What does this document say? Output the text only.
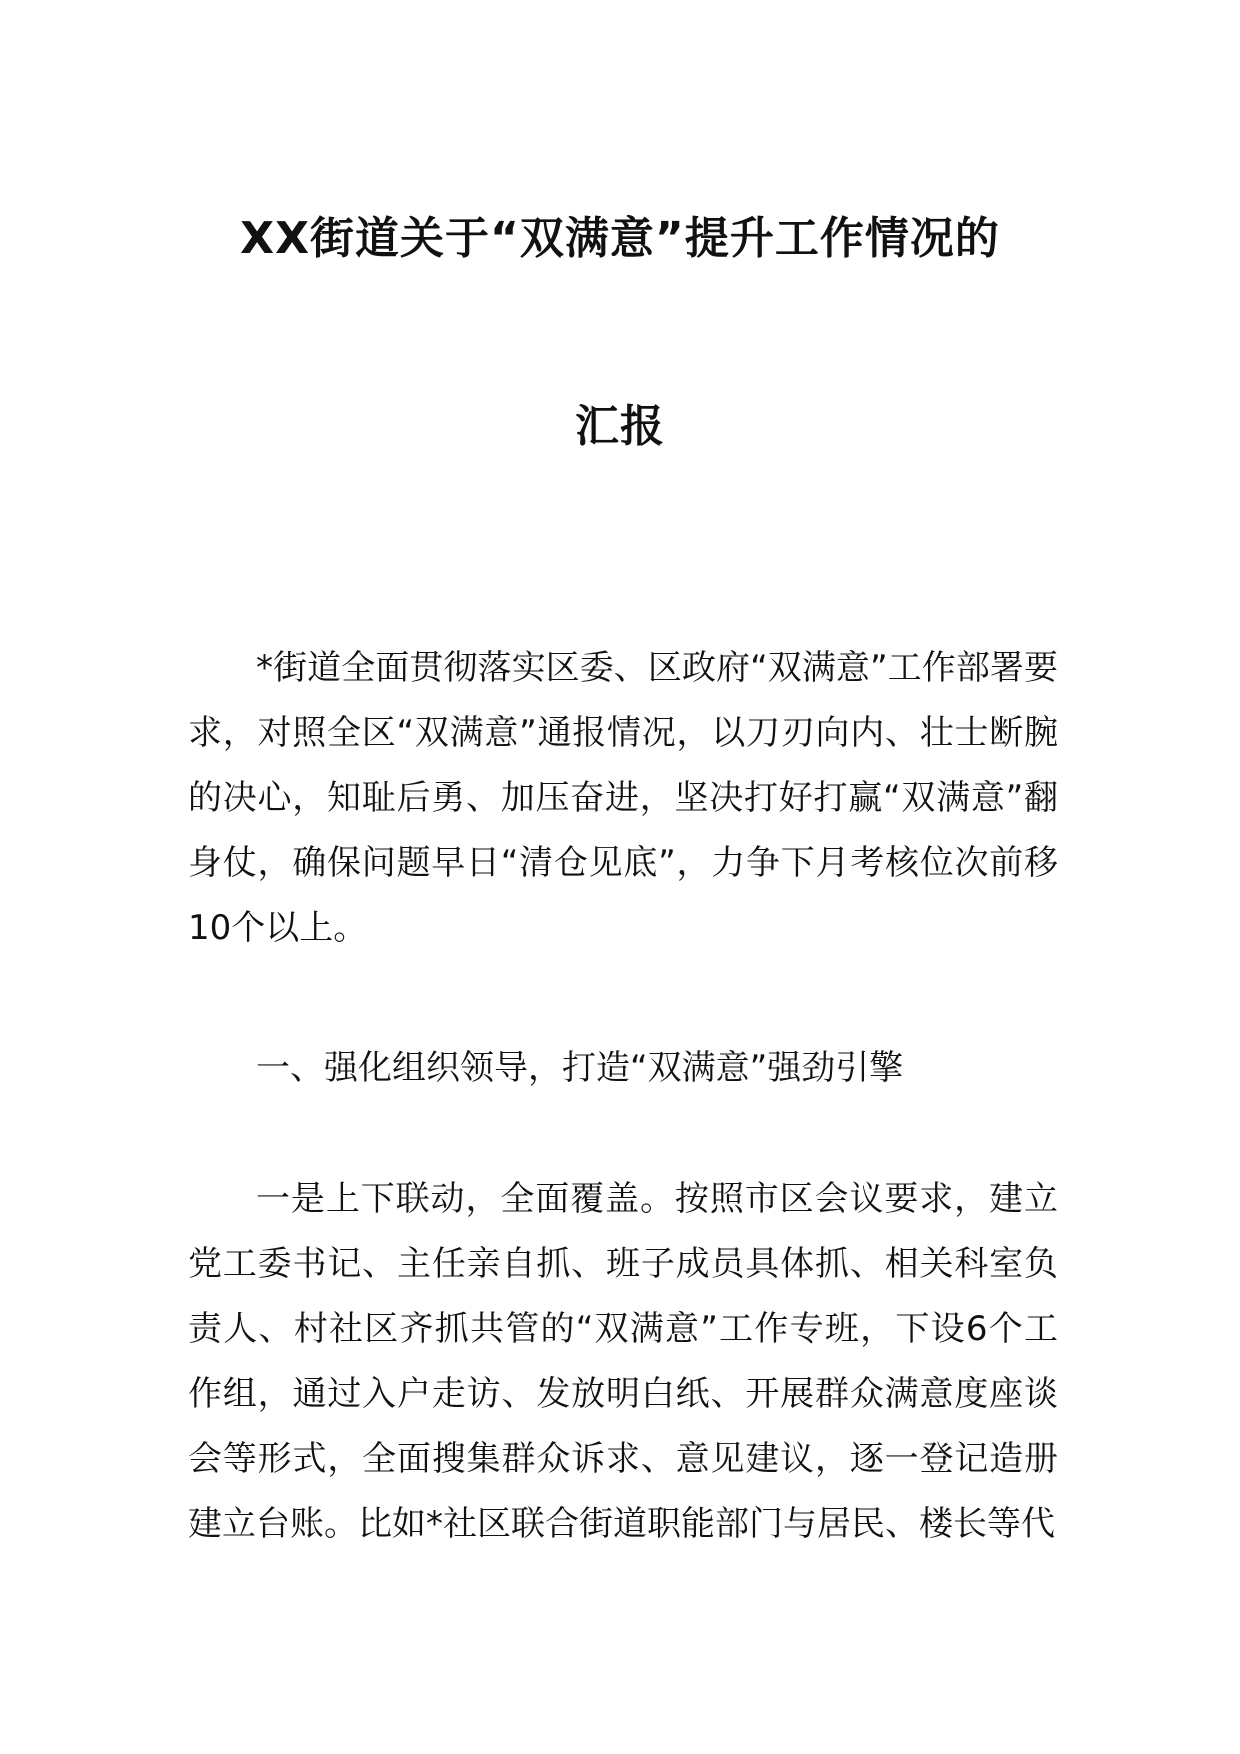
XX街道关于“双满意”提升工作情况的
汇报

*街道全面贯彻落实区委、区政府“双满意”工作部署要求，对照全区“双满意”通报情况，以刀刃向内、壮士断腕的决心，知耻后勇、加压奋进，坚决打好打赢“双满意”翻身仗，确保问题早日“清仓见底”，力争下月考核位次前移10个以上。

一、强化组织领导，打造“双满意”强劲引擎

一是上下联动，全面覆盖。按照市区会议要求，建立党工委书记、主任亲自抓、班子成员具体抓、相关科室负责人、村社区齐抓共管的“双满意”工作专班，下设6个工作组，通过入户走访、发放明白纸、开展群众满意度座谈会等形式，全面搜集群众诉求、意见建议，逐一登记造册建立台账。比如*社区联合街道职能部门与居民、楼长等代
